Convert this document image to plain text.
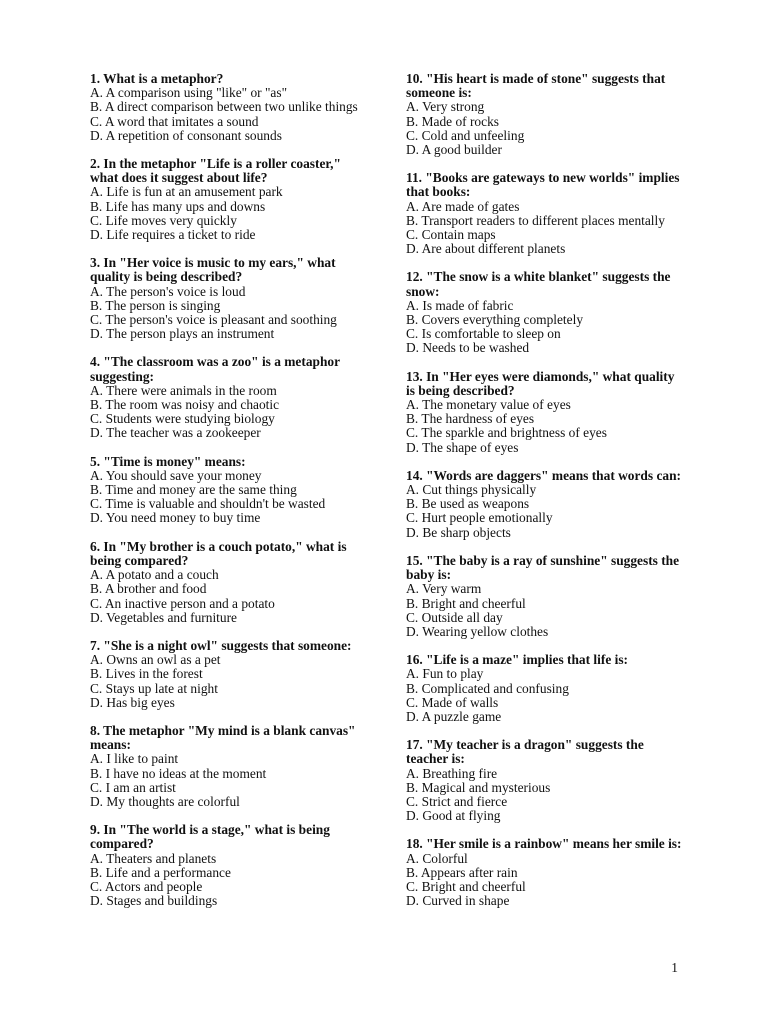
1. What is a metaphor?
A. A comparison using "like" or "as"
B. A direct comparison between two unlike things
C. A word that imitates a sound
D. A repetition of consonant sounds
2. In the metaphor "Life is a roller coaster," what does it suggest about life?
A. Life is fun at an amusement park
B. Life has many ups and downs
C. Life moves very quickly
D. Life requires a ticket to ride
3. In "Her voice is music to my ears," what quality is being described?
A. The person's voice is loud
B. The person is singing
C. The person's voice is pleasant and soothing
D. The person plays an instrument
4. "The classroom was a zoo" is a metaphor suggesting:
A. There were animals in the room
B. The room was noisy and chaotic
C. Students were studying biology
D. The teacher was a zookeeper
5. "Time is money" means:
A. You should save your money
B. Time and money are the same thing
C. Time is valuable and shouldn't be wasted
D. You need money to buy time
6. In "My brother is a couch potato," what is being compared?
A. A potato and a couch
B. A brother and food
C. An inactive person and a potato
D. Vegetables and furniture
7. "She is a night owl" suggests that someone:
A. Owns an owl as a pet
B. Lives in the forest
C. Stays up late at night
D. Has big eyes
8. The metaphor "My mind is a blank canvas" means:
A. I like to paint
B. I have no ideas at the moment
C. I am an artist
D. My thoughts are colorful
9. In "The world is a stage," what is being compared?
A. Theaters and planets
B. Life and a performance
C. Actors and people
D. Stages and buildings
10. "His heart is made of stone" suggests that someone is:
A. Very strong
B. Made of rocks
C. Cold and unfeeling
D. A good builder
11. "Books are gateways to new worlds" implies that books:
A. Are made of gates
B. Transport readers to different places mentally
C. Contain maps
D. Are about different planets
12. "The snow is a white blanket" suggests the snow:
A. Is made of fabric
B. Covers everything completely
C. Is comfortable to sleep on
D. Needs to be washed
13. In "Her eyes were diamonds," what quality is being described?
A. The monetary value of eyes
B. The hardness of eyes
C. The sparkle and brightness of eyes
D. The shape of eyes
14. "Words are daggers" means that words can:
A. Cut things physically
B. Be used as weapons
C. Hurt people emotionally
D. Be sharp objects
15. "The baby is a ray of sunshine" suggests the baby is:
A. Very warm
B. Bright and cheerful
C. Outside all day
D. Wearing yellow clothes
16. "Life is a maze" implies that life is:
A. Fun to play
B. Complicated and confusing
C. Made of walls
D. A puzzle game
17. "My teacher is a dragon" suggests the teacher is:
A. Breathing fire
B. Magical and mysterious
C. Strict and fierce
D. Good at flying
18. "Her smile is a rainbow" means her smile is:
A. Colorful
B. Appears after rain
C. Bright and cheerful
D. Curved in shape
1
